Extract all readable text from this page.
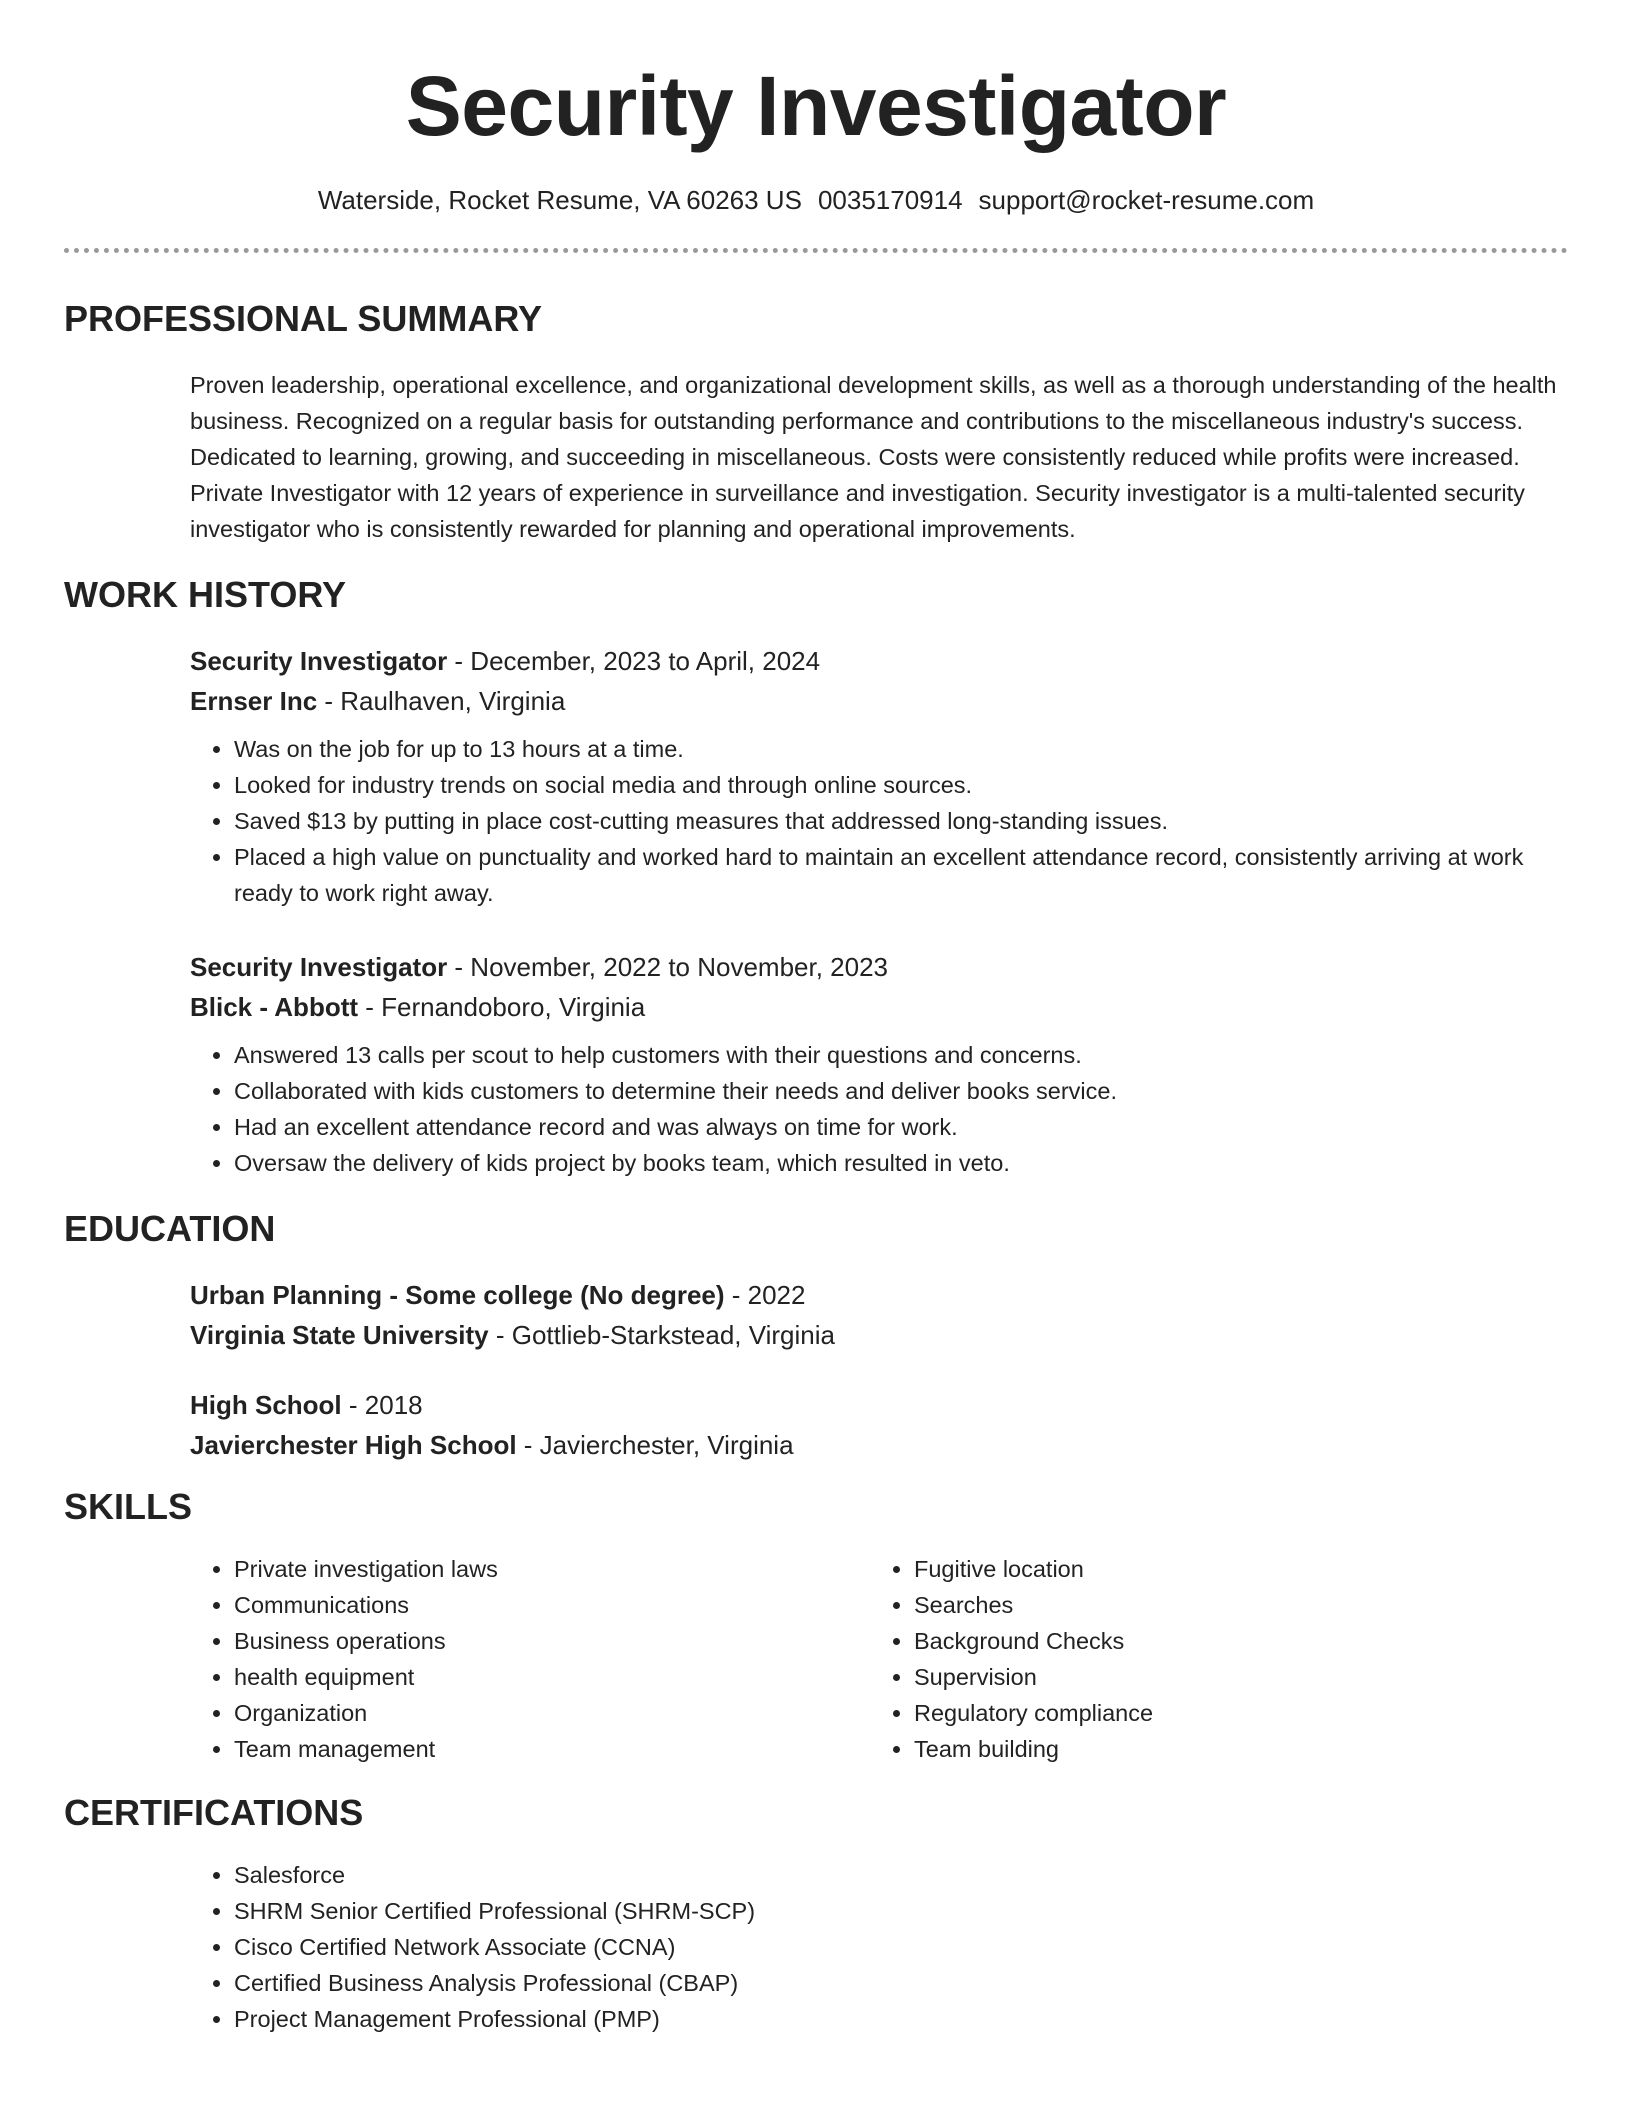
Security Investigator
Waterside, Rocket Resume, VA 60263 US 0035170914 support@rocket-resume.com
PROFESSIONAL SUMMARY
Proven leadership, operational excellence, and organizational development skills, as well as a thorough understanding of the health business. Recognized on a regular basis for outstanding performance and contributions to the miscellaneous industry's success. Dedicated to learning, growing, and succeeding in miscellaneous. Costs were consistently reduced while profits were increased. Private Investigator with 12 years of experience in surveillance and investigation. Security investigator is a multi-talented security investigator who is consistently rewarded for planning and operational improvements.
WORK HISTORY
Security Investigator - December, 2023 to April, 2024
Ernser Inc - Raulhaven, Virginia
• Was on the job for up to 13 hours at a time.
• Looked for industry trends on social media and through online sources.
• Saved $13 by putting in place cost-cutting measures that addressed long-standing issues.
• Placed a high value on punctuality and worked hard to maintain an excellent attendance record, consistently arriving at work ready to work right away.
Security Investigator - November, 2022 to November, 2023
Blick - Abbott - Fernandoboro, Virginia
• Answered 13 calls per scout to help customers with their questions and concerns.
• Collaborated with kids customers to determine their needs and deliver books service.
• Had an excellent attendance record and was always on time for work.
• Oversaw the delivery of kids project by books team, which resulted in veto.
EDUCATION
Urban Planning - Some college (No degree) - 2022
Virginia State University - Gottlieb-Starkstead, Virginia
High School - 2018
Javierchester High School - Javierchester, Virginia
SKILLS
• Private investigation laws
• Communications
• Business operations
• health equipment
• Organization
• Team management
• Fugitive location
• Searches
• Background Checks
• Supervision
• Regulatory compliance
• Team building
CERTIFICATIONS
• Salesforce
• SHRM Senior Certified Professional (SHRM-SCP)
• Cisco Certified Network Associate (CCNA)
• Certified Business Analysis Professional (CBAP)
• Project Management Professional (PMP)
